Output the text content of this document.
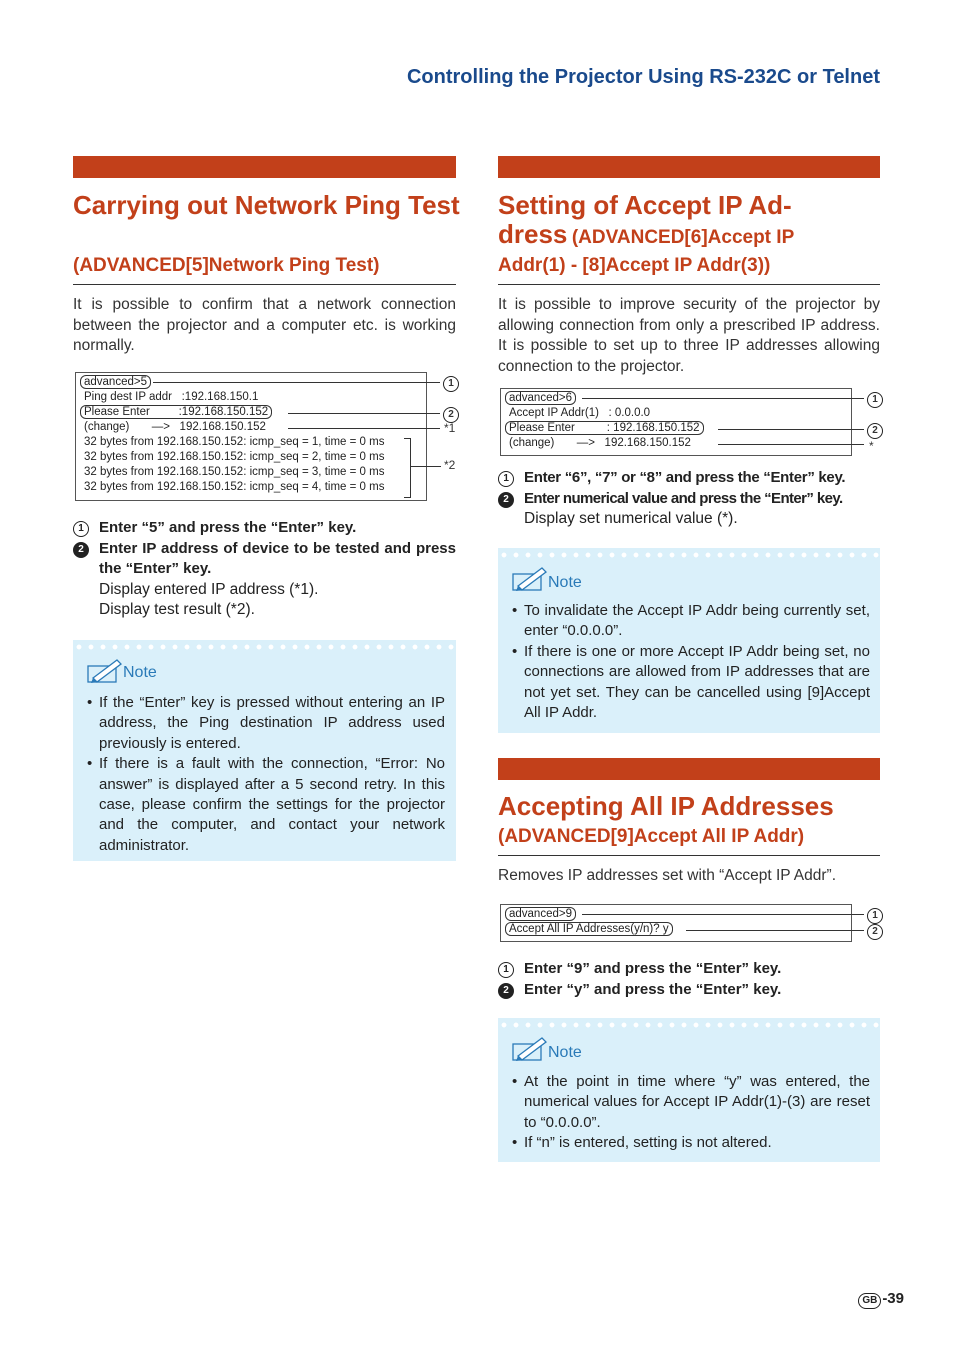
Controlling the Projector Using RS-232C or Telnet
Carrying out Network Ping Test
(ADVANCED[5]Network Ping Test)
It is possible to confirm that a network connection between the projector and a computer etc. is working normally.
advanced>5
Ping dest IP addr   :192.168.150.1
Please Enter         :192.168.150.152
(change)       —>   192.168.150.152
32 bytes from 192.168.150.152: icmp_seq = 1, time = 0 ms
32 bytes from 192.168.150.152: icmp_seq = 2, time = 0 ms
32 bytes from 192.168.150.152: icmp_seq = 3, time = 0 ms
32 bytes from 192.168.150.152: icmp_seq = 4, time = 0 ms
1
2
*1
*2
1	Enter “5” and press the “Enter” key.
2	Enter IP address of device to be tested and press the “Enter” key.
Display entered IP address (*1).
Display test result (*2).
Note
• If the “Enter” key is pressed without entering an IP address, the Ping destination IP address used previously is entered.
• If there is a fault with the connection, “Error: No answer” is displayed after a 5 second retry. In this case, please confirm the settings for the projector and the computer, and contact your network administrator.
Setting of Accept IP Ad-
dress (ADVANCED[6]Accept IP
Addr(1) - [8]Accept IP Addr(3))
It is possible to improve security of the projector by allowing connection from only a prescribed IP address. It is possible to set up to three IP addresses allowing connection to the projector.
advanced>6
Accept IP Addr(1)   : 0.0.0.0
Please Enter          : 192.168.150.152
(change)       —>   192.168.150.152
1
2
*
1	Enter “6”, “7” or “8” and press the “Enter” key.
2	Enter numerical value and press the “Enter” key.
Display set numerical value (*).
Note
• To invalidate the Accept IP Addr being currently set, enter “0.0.0.0”.
• If there is one or more Accept IP Addr being set, no connections are allowed from IP addresses that are not yet set. They can be cancelled using [9]Accept All IP Addr.
Accepting All IP Addresses
(ADVANCED[9]Accept All IP Addr)
Removes IP addresses set with “Accept IP Addr”.
advanced>9
Accept All IP Addresses(y/n)? y
1
2
1	Enter “9” and press the “Enter” key.
2	Enter “y” and press the “Enter” key.
Note
• At the point in time where “y” was entered, the numerical values for Accept IP Addr(1)-(3) are reset to “0.0.0.0”.
• If “n” is entered, setting is not altered.
GB -39
